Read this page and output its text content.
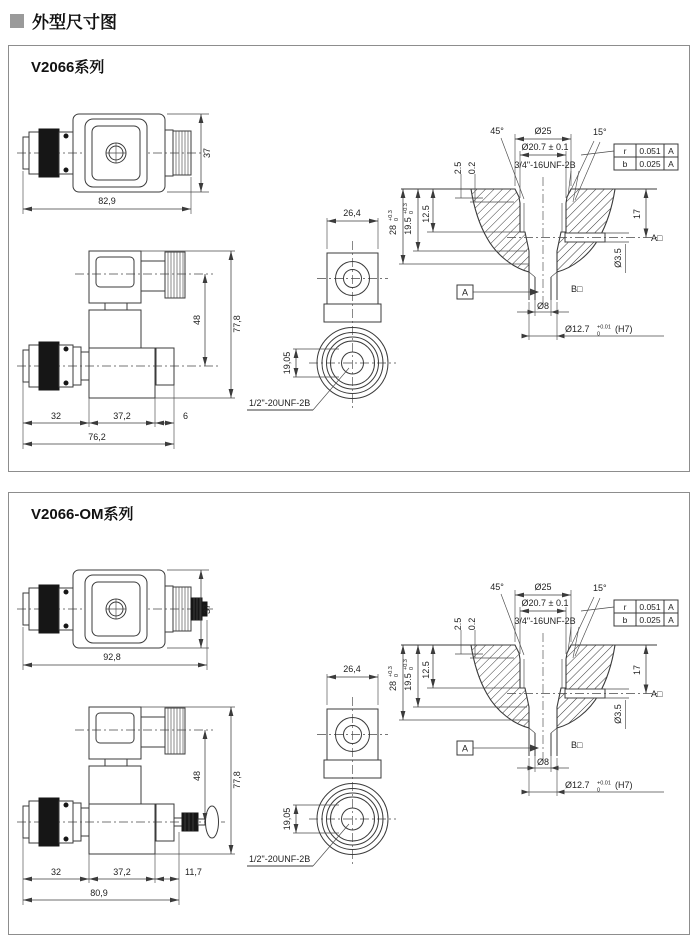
外型尺寸图
V2066系列
37
82,9
48	77,8
32	37,2	6
76,2
26,4
19,05
1/2"-20UNF-2B
Ø3.5
17
A□
B□
A
Ø8
Ø12.7 +0.01
0
(H7)
12.5
19.5
+0.3 0
28
+0.3 0
2.5 0.2
Ø25
45°	15°
Ø20.7 ± 0.1
3/4"-16UNF-2B
r 0.051 A
b 0.025 A
V2066-OM系列
37
92,8
48	77,8
32	37,2	11,7
80,9
